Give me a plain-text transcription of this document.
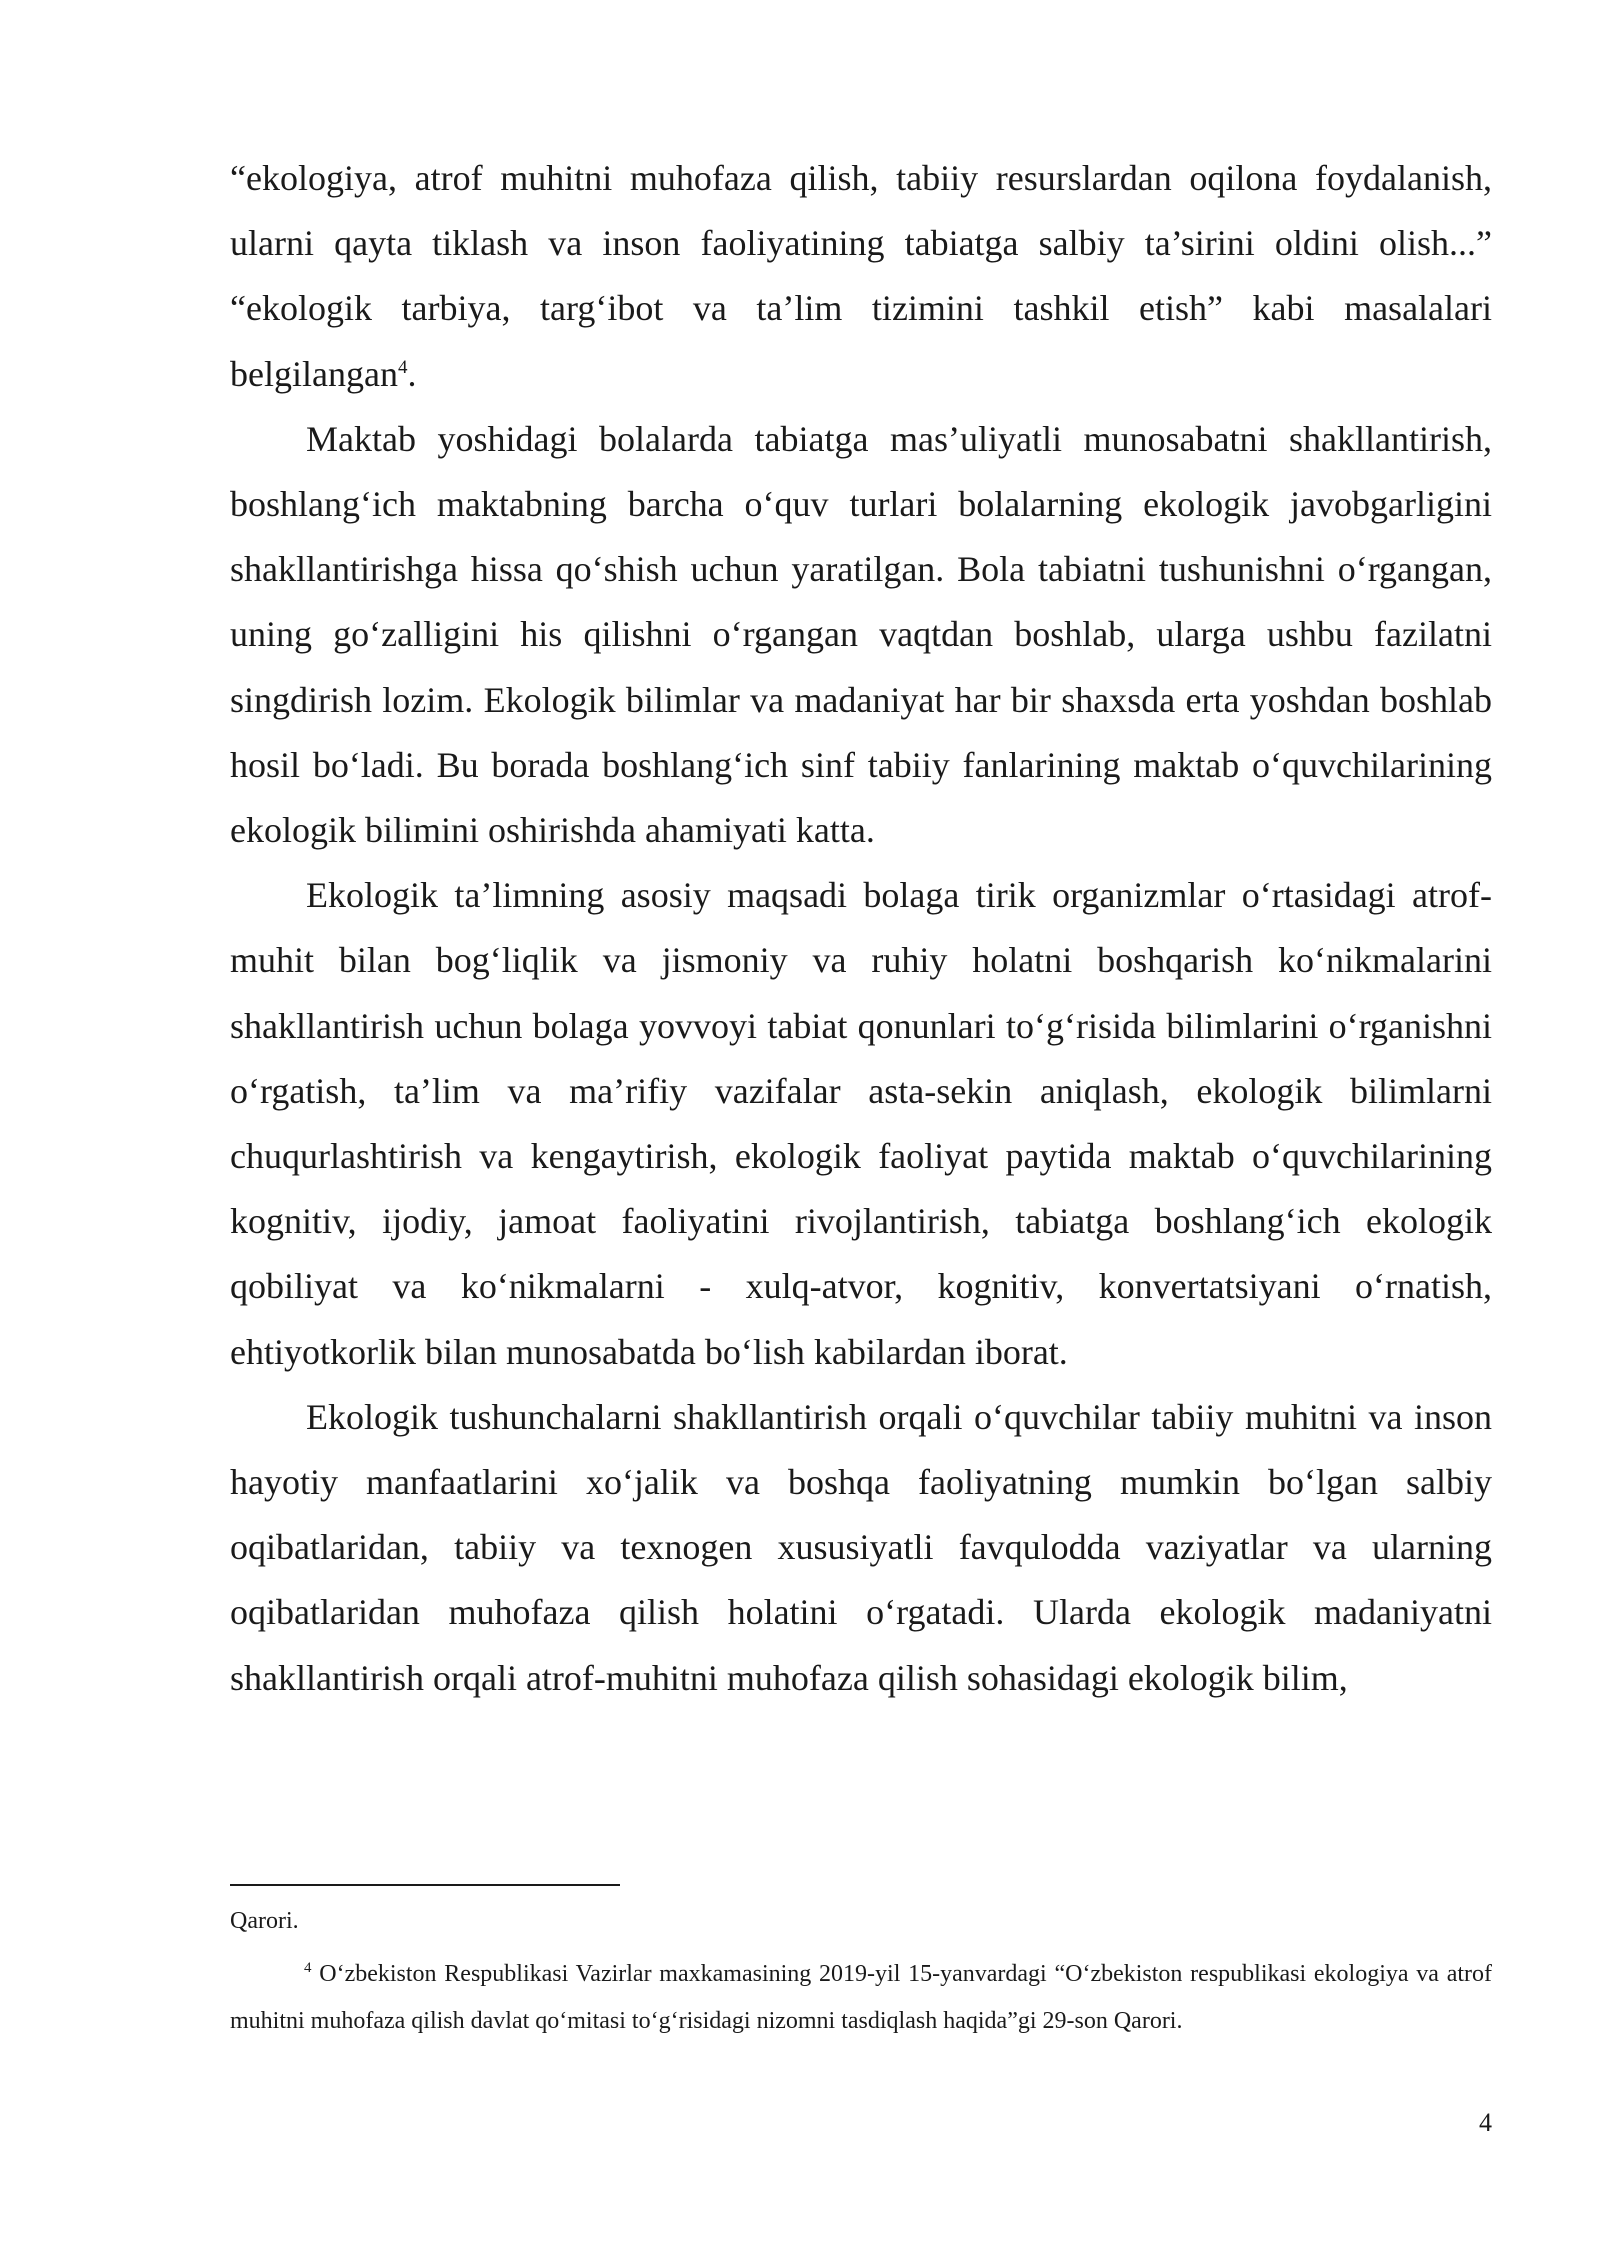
“ekologiya, atrof muhitni muhofaza qilish, tabiiy resurslardan oqilona foydalanish, ularni qayta tiklash va inson faoliyatining tabiatga salbiy ta’sirini oldini olish...” “ekologik tarbiya, targ‘ibot va ta’lim tizimini tashkil etish” kabi masalalari belgilangan$^4$.

Maktab yoshidagi bolalarda tabiatga mas’uliyatli munosabatni shakllantirish, boshlang‘ich maktabning barcha o‘quv turlari bolalarning ekologik javobgarligini shakllantirishga hissa qo‘shish uchun yaratilgan. Bola tabiatni tushunishni o‘rgangan, uning go‘zalligini his qilishni o‘rgangan vaqtdan boshlab, ularga ushbu fazilatni singdirish lozim. Ekologik bilimlar va madaniyat har bir shaxsda erta yoshdan boshlab hosil bo‘ladi. Bu borada boshlang‘ich sinf tabiiy fanlarining maktab o‘quvchilarining ekologik bilimini oshirishda ahamiyati katta.

Ekologik ta’limning asosiy maqsadi bolaga tirik organizmlar o‘rtasidagi atrof-muhit bilan bog‘liqlik va jismoniy va ruhiy holatni boshqarish ko‘nikmalarini shakllantirish uchun bolaga yovvoyi tabiat qonunlari to‘g‘risida bilimlarini o‘rganishni o‘rgatish, ta’lim va ma’rifiy vazifalar asta-sekin aniqlash, ekologik bilimlarni chuqurlashtirish va kengaytirish, ekologik faoliyat paytida maktab o‘quvchilarining kognitiv, ijodiy, jamoat faoliyatini rivojlantirish, tabiatga boshlang‘ich ekologik qobiliyat va ko‘nikmalarni - xulq-atvor, kognitiv, konvertatsiyani o‘rnatish, ehtiyotkorlik bilan munosabatda bo‘lish kabilardan iborat.

Ekologik tushunchalarni shakllantirish orqali o‘quvchilar tabiiy muhitni va inson hayotiy manfaatlarini xo‘jalik va boshqa faoliyatning mumkin bo‘lgan salbiy oqibatlaridan, tabiiy va texnogen xususiyatli favqulodda vaziyatlar va ularning oqibatlaridan muhofaza qilish holatini o‘rgatadi. Ularda ekologik madaniyatni shakllantirish orqali atrof-muhitni muhofaza qilish sohasidagi ekologik bilim,

Qarori.

$^4$ O‘zbekiston Respublikasi Vazirlar maxkamasining 2019-yil 15-yanvardagi “O‘zbekiston respublikasi ekologiya va atrof muhitni muhofaza qilish davlat qo‘mitasi to‘g‘risidagi nizomni tasdiqlash haqida”gi 29-son Qarori.

4
